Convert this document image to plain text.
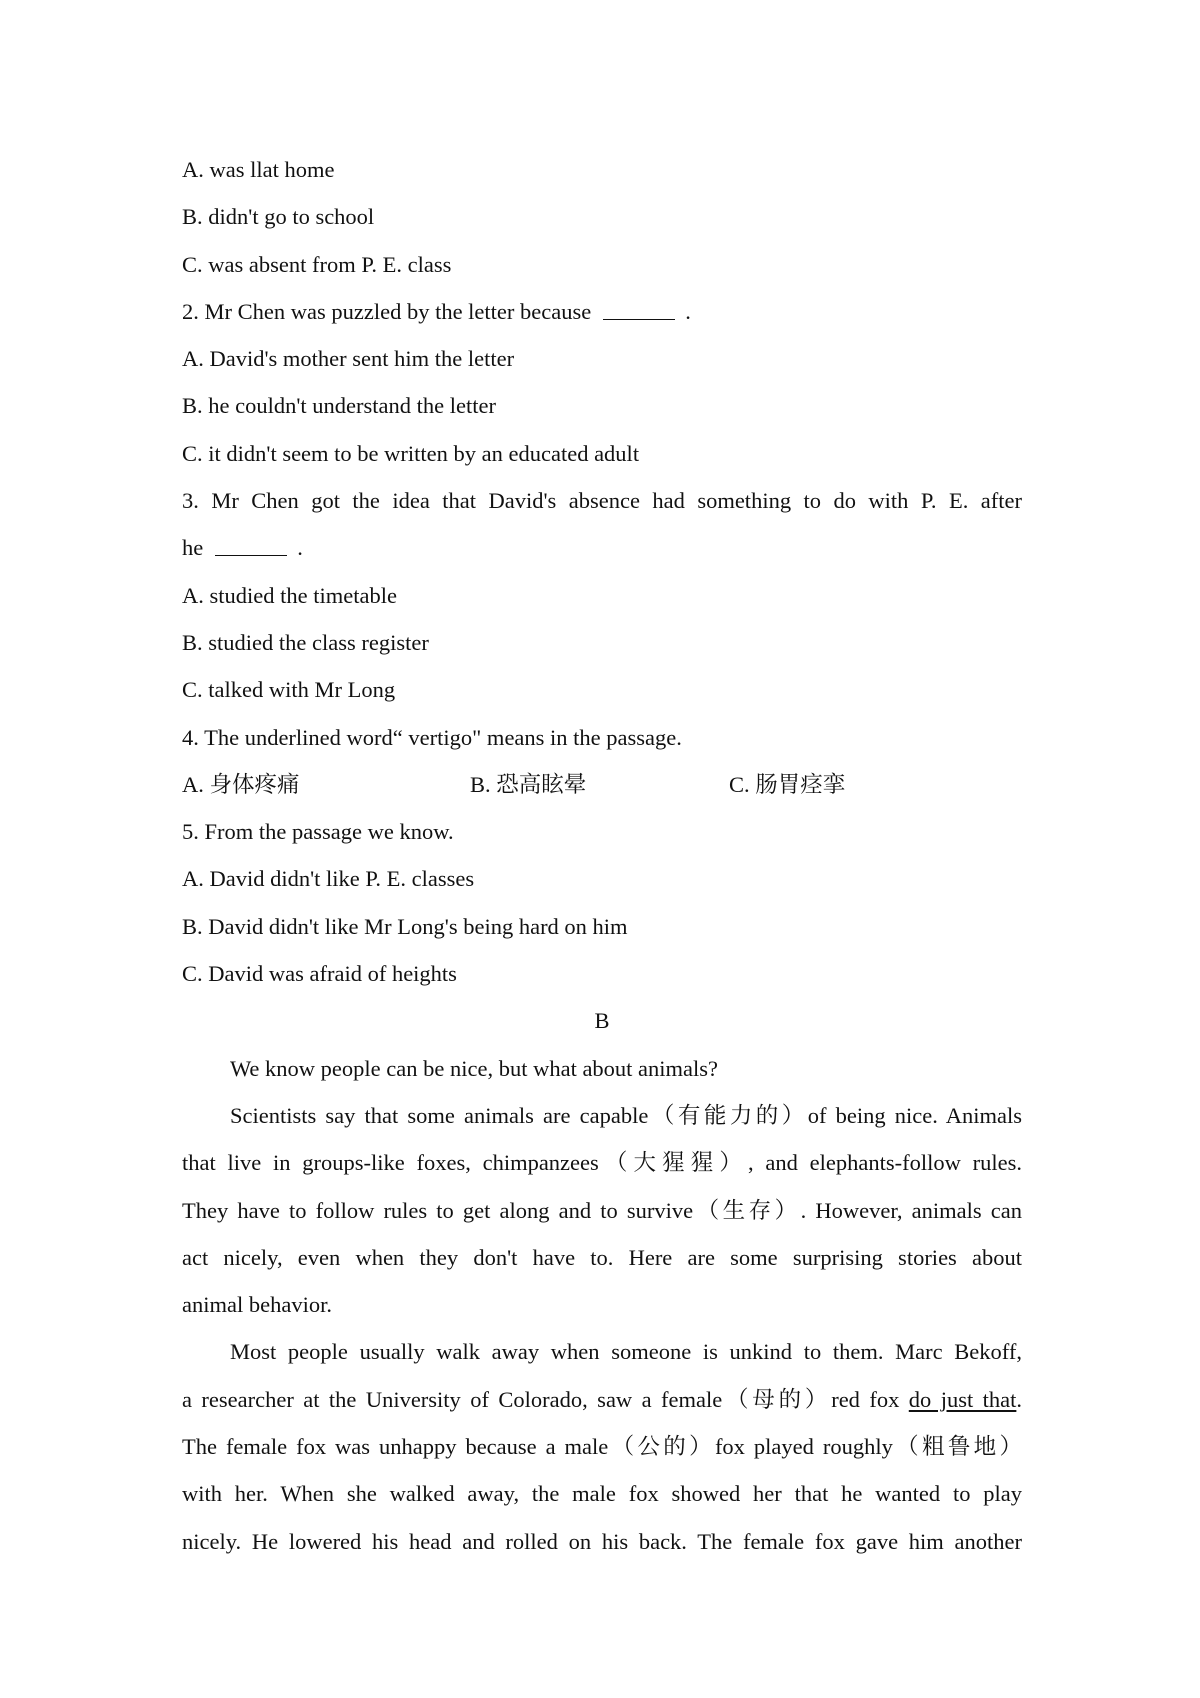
A. was llat home
B. didn't go to school
C. was absent from P. E. class
2. Mr Chen was puzzled by the letter because	.
A. David's mother sent him the letter
B. he couldn't understand the letter
C. it didn't seem to be written by an educated adult
3. Mr Chen got the idea that David's absence had something to do with P. E. after
he	.
A. studied the timetable
B. studied the class register
C. talked with Mr Long
4. The underlined word“ vertigo" means in the passage.
A. 身体疼痛	B. 恐高眩晕	C. 肠胃痉挛
5. From the passage we know.
A. David didn't like P. E. classes
B. David didn't like Mr Long's being hard on him
C. David was afraid of heights
B
We know people can be nice, but what about animals?
Scientists say that some animals are capable（有能力的）of being nice. Animals
that live in groups-like foxes, chimpanzees（大猩猩）, and elephants-follow rules.
They have to follow rules to get along and to survive（生存）. However, animals can
act nicely, even when they don't have to. Here are some surprising stories about
animal behavior.
Most people usually walk away when someone is unkind to them. Marc Bekoff,
a researcher at the University of Colorado, saw a female（母的）red fox do just that.
The female fox was unhappy because a male（公的）fox played roughly（粗鲁地）
with her. When she walked away, the male fox showed her that he wanted to play
nicely. He lowered his head and rolled on his back. The female fox gave him another
